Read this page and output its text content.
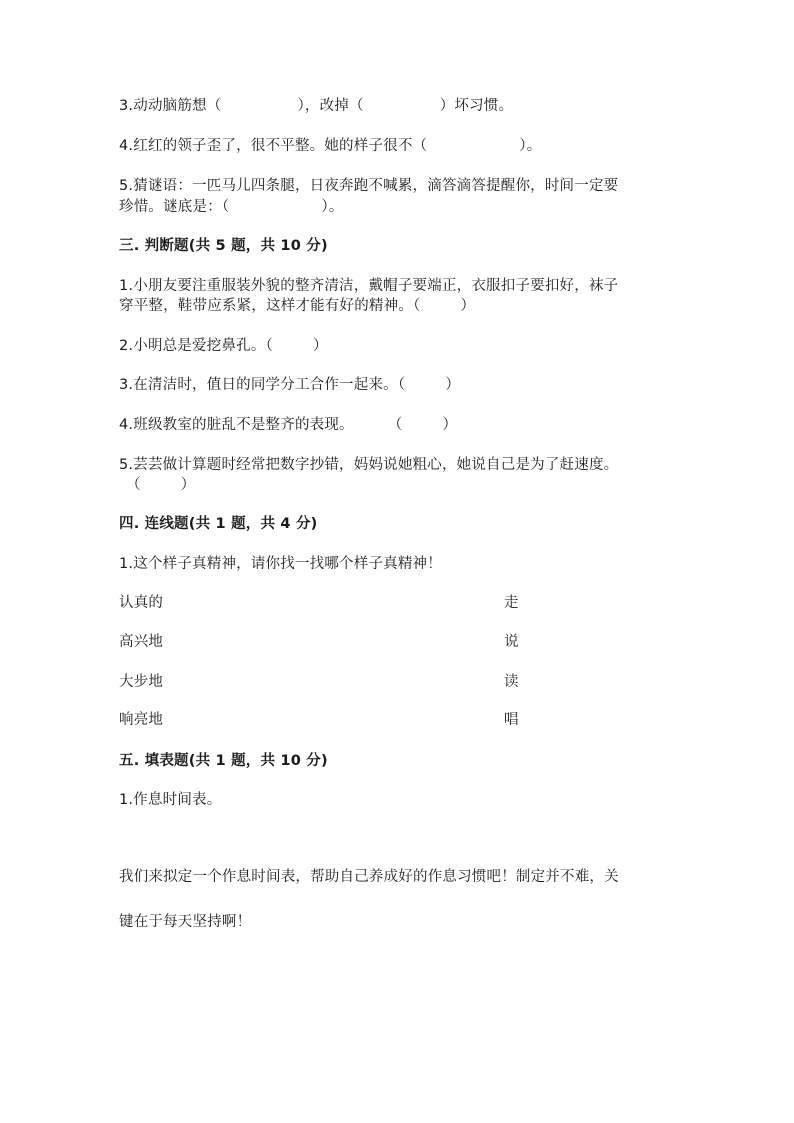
3.动动脑筋想（	），改掉（	）坏习惯。
4.红红的领子歪了，很不平整。她的样子很不（	）。
5.猜谜语：一匹马儿四条腿，日夜奔跑不喊累，滴答滴答提醒你，时间一定要
珍惜。谜底是：（	）。
三. 判断题(共 5 题，共 10 分)
1.小朋友要注重服装外貌的整齐清洁，戴帽子要端正，衣服扣子要扣好，袜子
穿平整，鞋带应系紧，这样才能有好的精神。（	）
2.小明总是爱挖鼻孔。（	）
3.在清洁时，值日的同学分工合作一起来。（	）
4.班级教室的脏乱不是整齐的表现。 （	）
5.芸芸做计算题时经常把数字抄错，妈妈说她粗心，她说自己是为了赶速度。
（	）
四. 连线题(共 1 题，共 4 分)
1.这个样子真精神，请你找一找哪个样子真精神！
认真的	走
高兴地	说
大步地	读
响亮地	唱
五. 填表题(共 1 题，共 10 分)
1.作息时间表。
我们来拟定一个作息时间表，帮助自己养成好的作息习惯吧！制定并不难，关
键在于每天坚持啊！
